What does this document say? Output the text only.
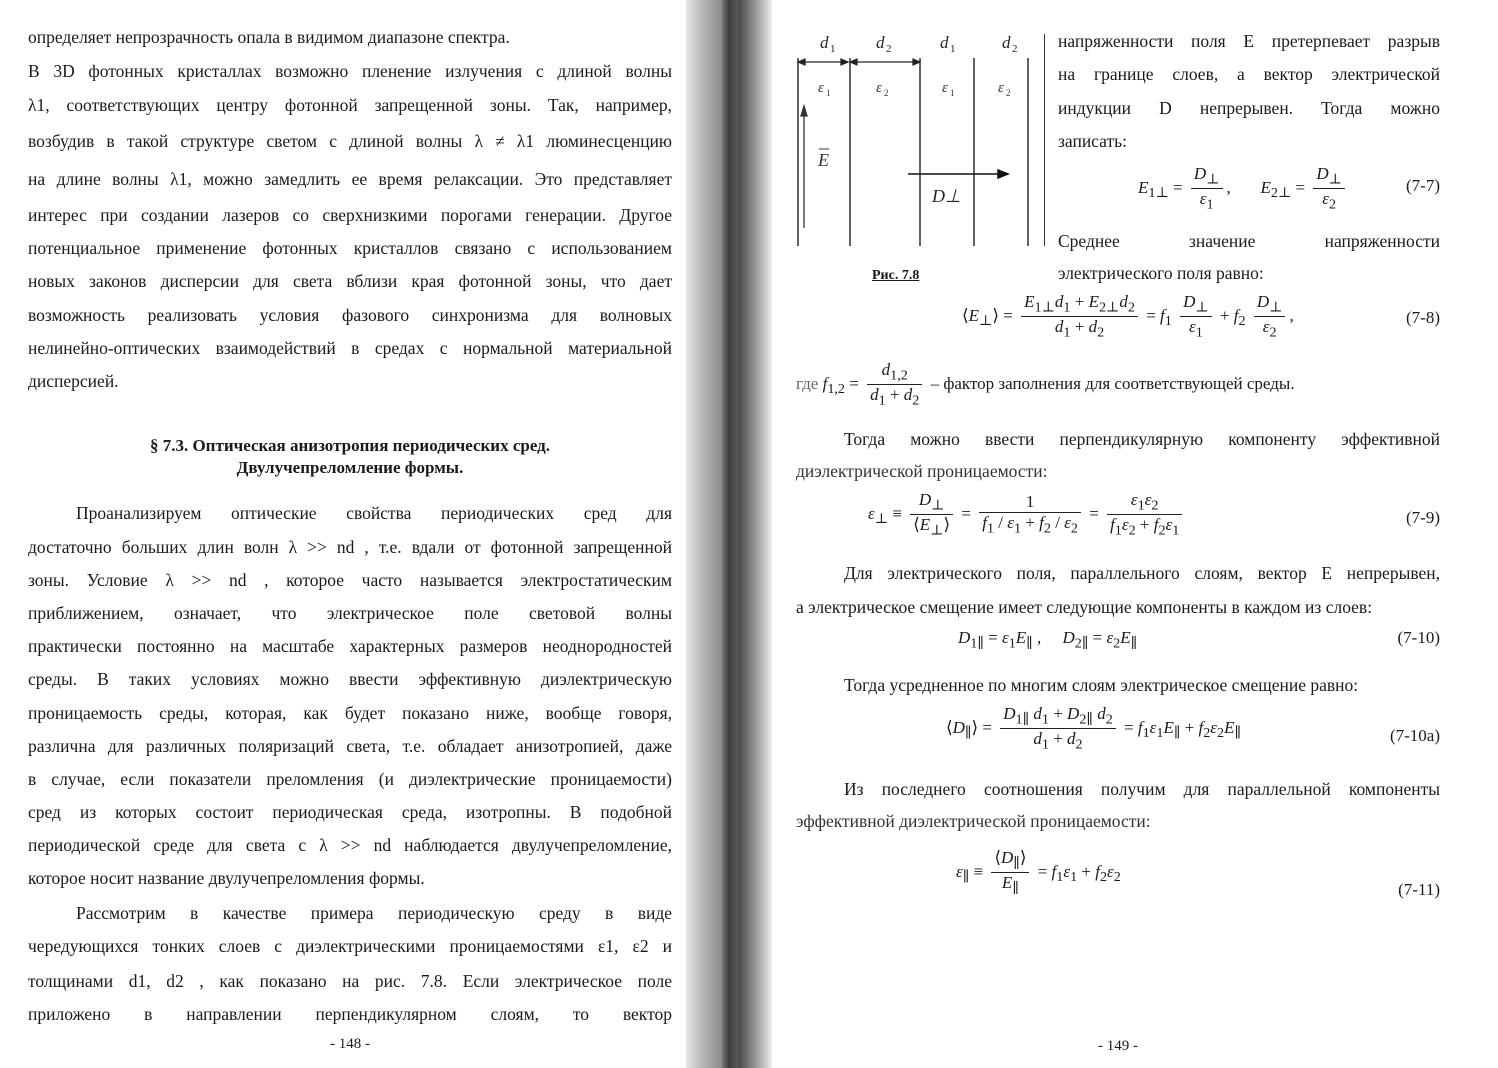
определяет непрозрачность опала в видимом диапазоне спектра.
В 3D фотонных кристаллах возможно пленение излучения с длиной волны
λ1, соответствующих центру фотонной запрещенной зоны. Так, например,
возбудив в такой структуре светом с длиной волны λ ≠ λ1 люминесценцию
на длине волны λ1, можно замедлить ее время релаксации. Это представляет
интерес при создании лазеров со сверхнизкими порогами генерации. Другое
потенциальное применение фотонных кристаллов связано с использованием
новых законов дисперсии для света вблизи края фотонной зоны, что дает
возможность реализовать условия фазового синхронизма для волновых
нелинейно-оптических взаимодействий в средах с нормальной материальной
дисперсией.
§ 7.3. Оптическая анизотропия периодических сред.
Двулучепреломление формы.
Проанализируем оптические свойства периодических сред для
достаточно больших длин волн λ >> nd , т.е. вдали от фотонной запрещенной
зоны. Условие λ >> nd , которое часто называется электростатическим
приближением, означает, что электрическое поле световой волны
практически постоянно на масштабе характерных размеров неоднородностей
среды. В таких условиях можно ввести эффективную диэлектрическую
проницаемость среды, которая, как будет показано ниже, вообще говоря,
различна для различных поляризаций света, т.е. обладает анизотропией, даже
в случае, если показатели преломления (и диэлектрические проницаемости)
сред из которых состоит периодическая среда, изотропны. В подобной
периодической среде для света с λ >> nd наблюдается двулучепреломление,
которое носит название двулучепреломления формы.
Рассмотрим в качестве примера периодическую среду в виде
чередующихся тонких слоев с диэлектрическими проницаемостями ε1, ε2 и
толщинами d1, d2 , как показано на рис. 7.8. Если электрическое поле
приложено в направлении перпендикулярном слоям, то вектор
- 148 -
d 1 d 2	d 1	d 2
ε 1	ε 2	ε 1	ε 2
E
D⊥
Рис. 7.8
напряженности поля E претерпевает разрыв
на границе слоев, а вектор электрической
индукции D непрерывен. Тогда можно
записать:
$E_{1\perp} = \frac{D_\perp}{\varepsilon_1}$ ,       $E_{2\perp} = \frac{D_\perp}{\varepsilon_2}$	(7-7)
Среднее значение напряженности
электрического поля равно:
$⟨E_\perp⟩ = \frac{E_{1\perp}d_1 + E_{2\perp}d_2}{d_1 + d_2} = f_1 \frac{D_\perp}{\varepsilon_1} + f_2 \frac{D_\perp}{\varepsilon_2}$ ,	(7-8)
где $f_{1,2} = \frac{d_{1,2}}{d_1 + d_2}$ – фактор заполнения для соответствующей среды.
Тогда можно ввести перпендикулярную компоненту эффективной
диэлектрической проницаемости:
$\varepsilon_\perp \equiv \frac{D_\perp}{⟨E_\perp⟩} = \frac{1}{f_1 / \varepsilon_1 + f_2 / \varepsilon_2} = \frac{\varepsilon_1\varepsilon_2}{f_1\varepsilon_2 + f_2\varepsilon_1}$	(7-9)
Для электрического поля, параллельного слоям, вектор E непрерывен,
а электрическое смещение имеет следующие компоненты в каждом из слоев:
$D_{1\parallel} = \varepsilon_1E_\parallel$ ,     $D_{2\parallel} = \varepsilon_2E_\parallel$	(7-10)
Тогда усредненное по многим слоям электрическое смещение равно:
$⟨D_\parallel⟩ = \frac{D_{1\parallel} d_1 + D_{2\parallel} d_2}{d_1 + d_2} = f_1\varepsilon_1E_\parallel + f_2\varepsilon_2E_\parallel$	(7-10а)
Из последнего соотношения получим для параллельной компоненты
эффективной диэлектрической проницаемости:
$\varepsilon_\parallel \equiv \frac{⟨D_\parallel⟩}{E_\parallel} = f_1\varepsilon_1 + f_2\varepsilon_2$
(7-11)
- 149 -
